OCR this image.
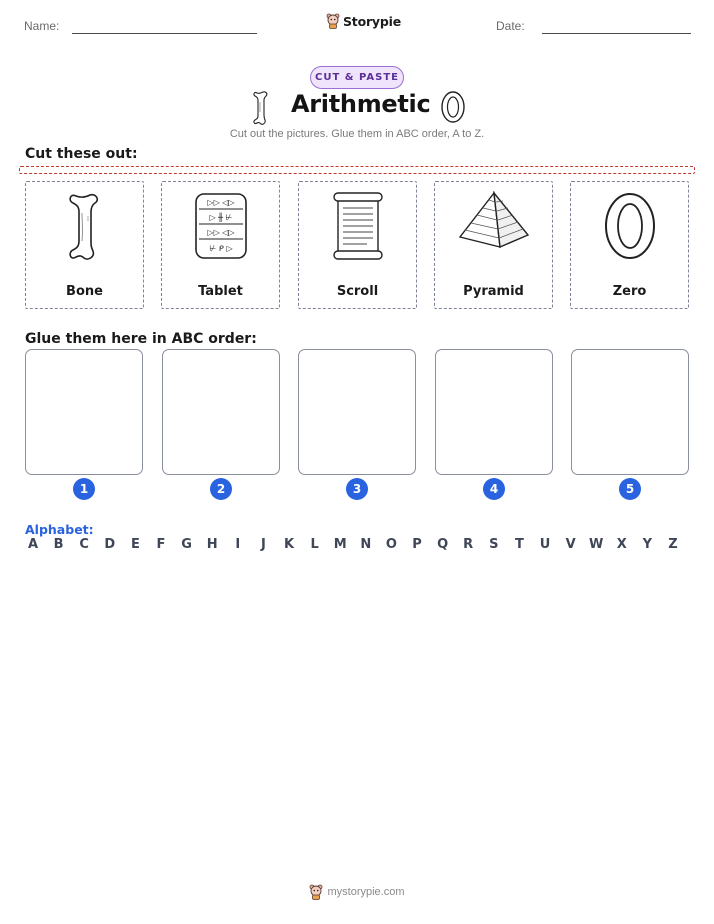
Name:	Storypie	Date:
CUT & PASTE
Arithmetic
Cut out the pictures. Glue them in ABC order, A to Z.
Cut these out:
Bone
▷▷ ◁▷
▷ ╫ ⊬
▷▷ ◁▷
⊬ ᑭ ▷
Tablet	Scroll	Pyramid	Zero
Glue them here in ABC order:
1	2	3	4	5
Alphabet:
A	B	C	D	E	F	G	H	I	J	K	L	M	N	O	P	Q	R	S	T	U	V	W	X	Y	Z
mystorypie.com
